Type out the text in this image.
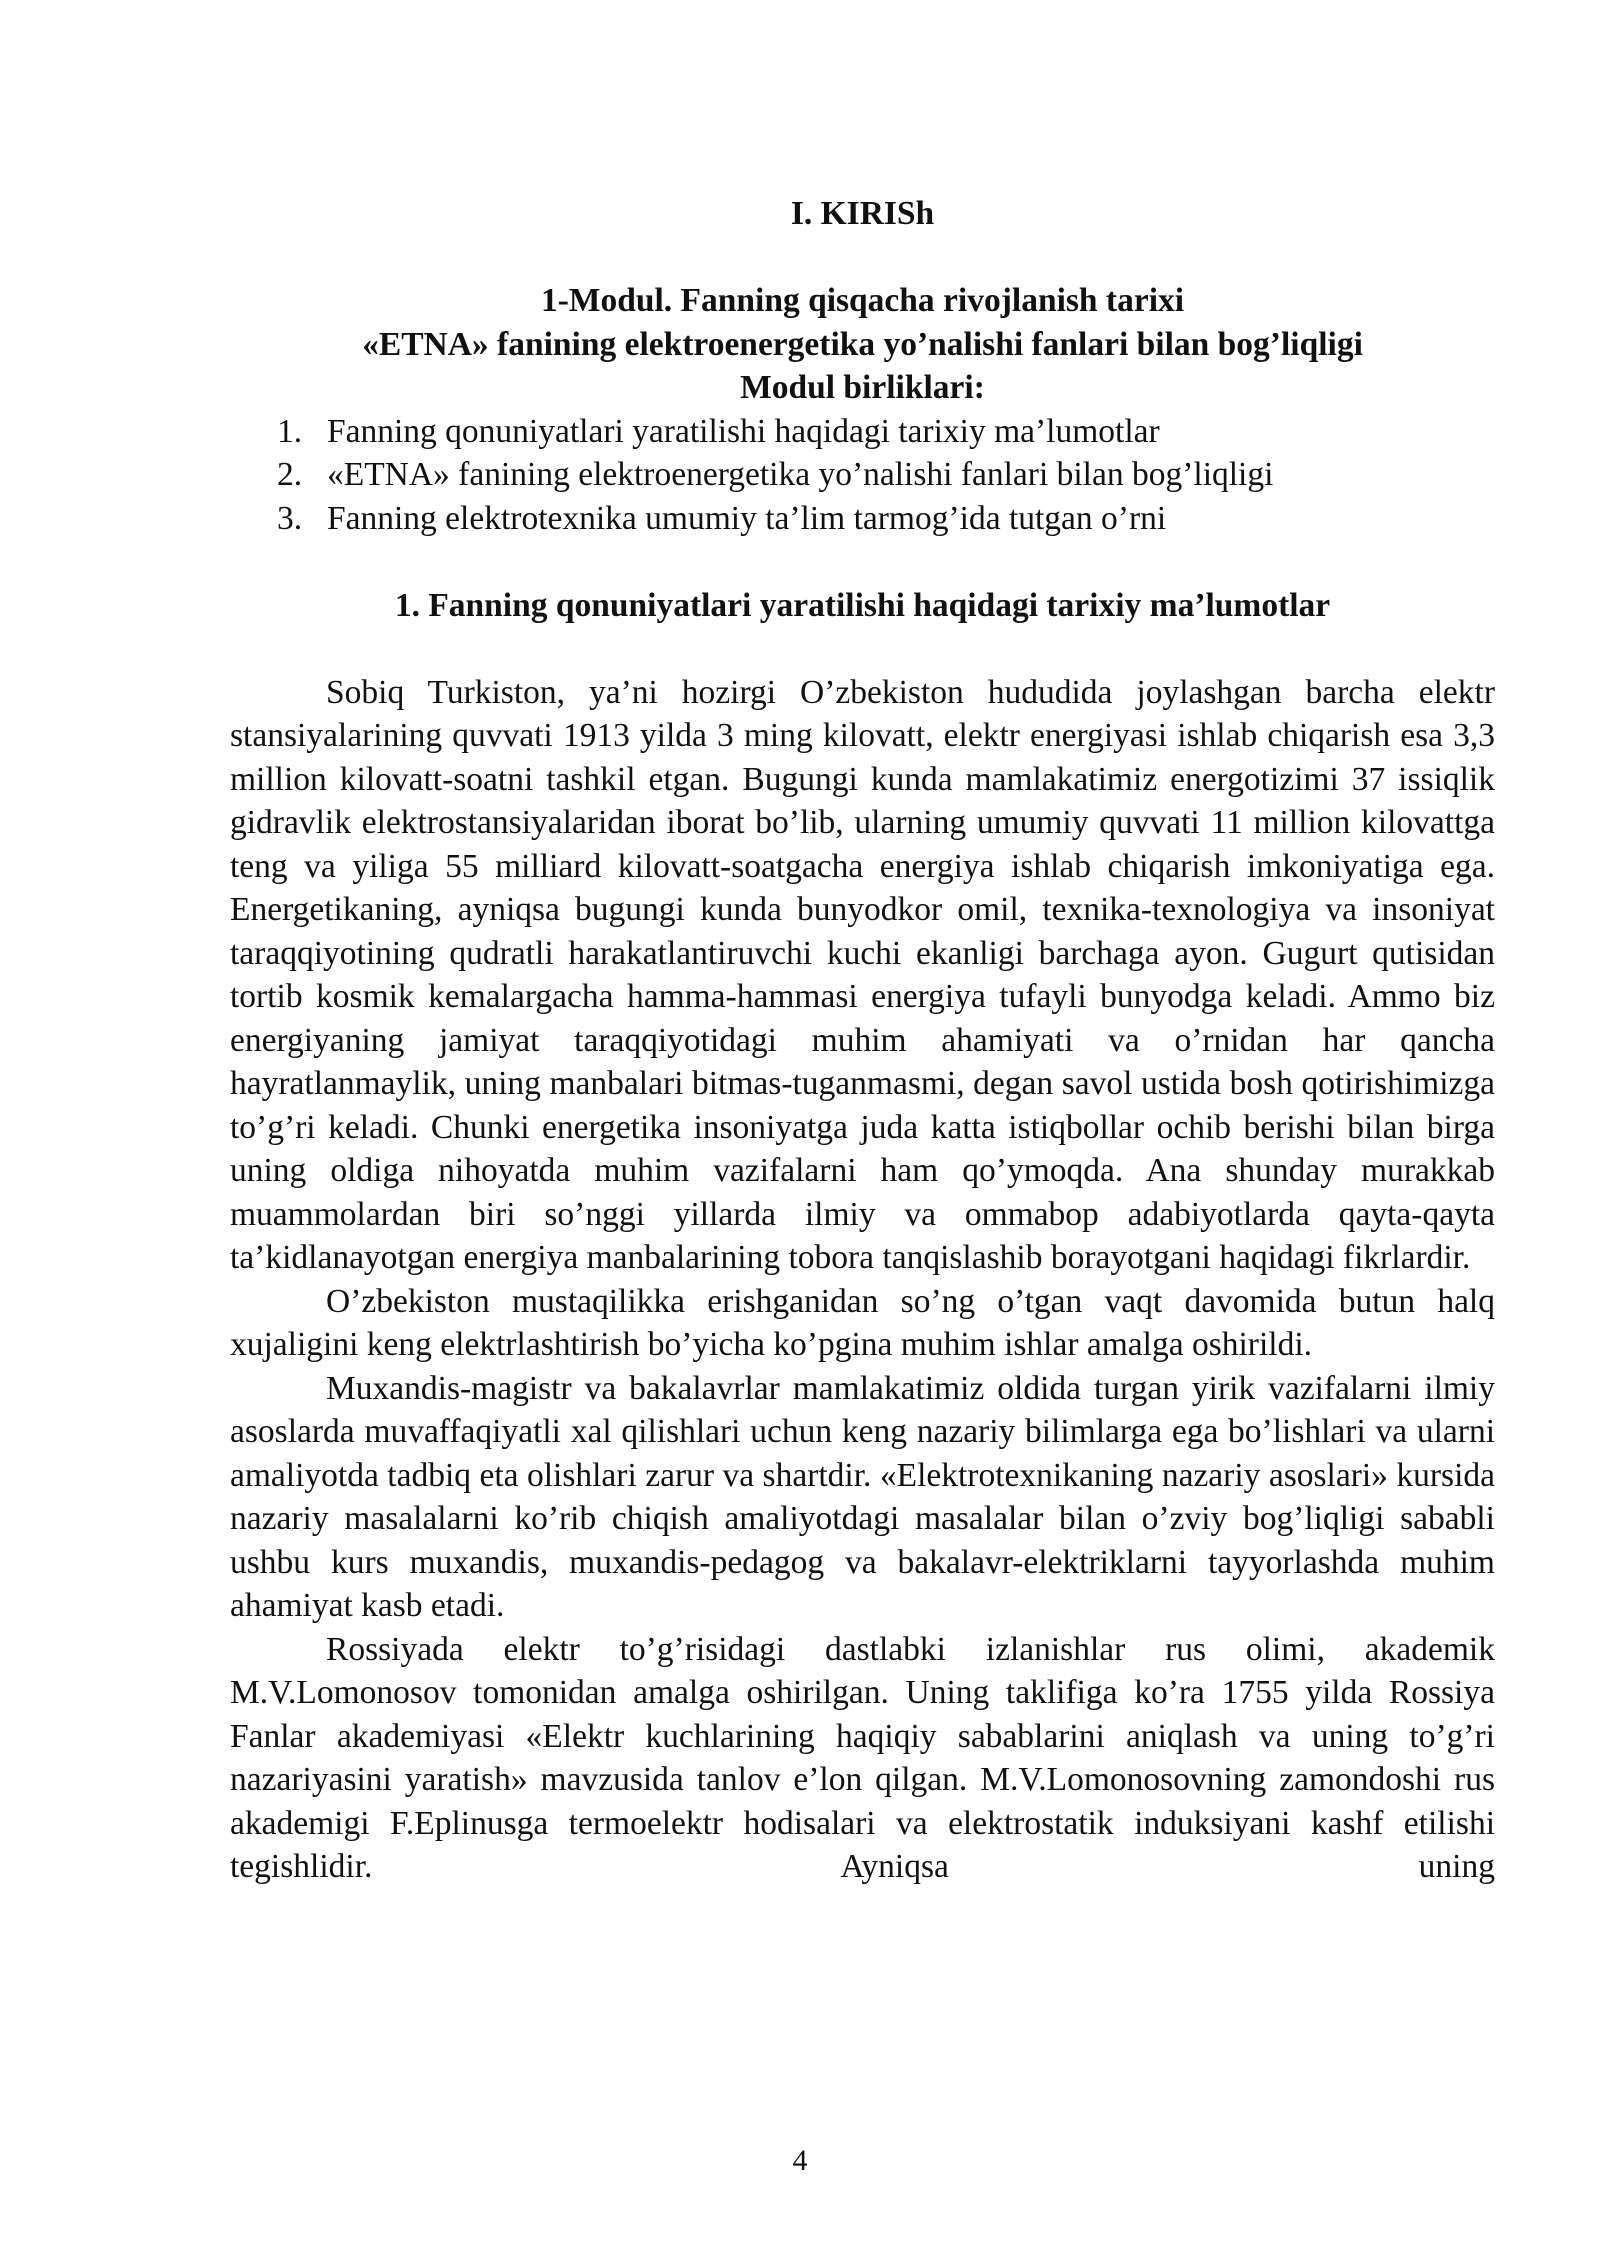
I. KIRISh
1-Modul. Fanning qisqacha rivojlanish tarixi
«ETNA» fanining elektroenergetika yo’nalishi fanlari bilan bog’liqligi
Modul birliklari:
1. Fanning qonuniyatlari yaratilishi haqidagi tarixiy ma’lumotlar
2. «ETNA» fanining elektroenergetika yo’nalishi fanlari bilan bog’liqligi
3. Fanning elektrotexnika umumiy ta’lim tarmog’ida tutgan o’rni
1. Fanning qonuniyatlari yaratilishi haqidagi tarixiy ma’lumotlar

Sobiq Turkiston, ya’ni hozirgi O’zbekiston hududida joylashgan barcha elektr stansiyalarining quvvati 1913 yilda 3 ming kilovatt, elektr energiyasi ishlab chiqarish esa 3,3 million kilovatt-soatni tashkil etgan. Bugungi kunda mamlakatimiz energotizimi 37 issiqlik gidravlik elektrostansiyalaridan iborat bo’lib, ularning umumiy quvvati 11 million kilovattga teng va yiliga 55 milliard kilovatt-soatgacha energiya ishlab chiqarish imkoniyatiga ega. Energetikaning, ayniqsa bugungi kunda bunyodkor omil, texnika-texnologiya va insoniyat taraqqiyotining qudratli harakatlantiruvchi kuchi ekanligi barchaga ayon. Gugurt qutisidan tortib kosmik kemalargacha hamma-hammasi energiya tufayli bunyodga keladi. Ammo biz energiyaning jamiyat taraqqiyotidagi muhim ahamiyati va o’rnidan har qancha hayratlanmaylik, uning manbalari bitmas-tuganmasmi, degan savol ustida bosh qotirishimizga to’g’ri keladi. Chunki energetika insoniyatga juda katta istiqbollar ochib berishi bilan birga uning oldiga nihoyatda muhim vazifalarni ham qo’ymoqda. Ana shunday murakkab muammolardan biri so’nggi yillarda ilmiy va ommabop adabiyotlarda qayta-qayta ta’kidlanayotgan energiya manbalarining tobora tanqislashib borayotgani haqidagi fikrlardir.

O’zbekiston mustaqilikka erishganidan so’ng o’tgan vaqt davomida butun halq xujaligini keng elektrlashtirish bo’yicha ko’pgina muhim ishlar amalga oshirildi.

Muxandis-magistr va bakalavrlar mamlakatimiz oldida turgan yirik vazifalarni ilmiy asoslarda muvaffaqiyatli xal qilishlari uchun keng nazariy bilimlarga ega bo’lishlari va ularni amaliyotda tadbiq eta olishlari zarur va shartdir. «Elektrotexnikaning nazariy asoslari» kursida nazariy masalalarni ko’rib chiqish amaliyotdagi masalalar bilan o’zviy bog’liqligi sababli ushbu kurs muxandis, muxandis-pedagog va bakalavr-elektriklarni tayyorlashda muhim ahamiyat kasb etadi.

Rossiyada elektr to’g’risidagi dastlabki izlanishlar rus olimi, akademik M.V.Lomonosov tomonidan amalga oshirilgan. Uning taklifiga ko’ra 1755 yilda Rossiya Fanlar akademiyasi «Elektr kuchlarining haqiqiy sabablarini aniqlash va uning to’g’ri nazariyasini yaratish» mavzusida tanlov e’lon qilgan. M.V.Lomonosovning zamondoshi rus akademigi F.Eplinusga termoelektr hodisalari va elektrostatik induksiyani kashf etilishi tegishlidir. Ayniqsa uning

4
